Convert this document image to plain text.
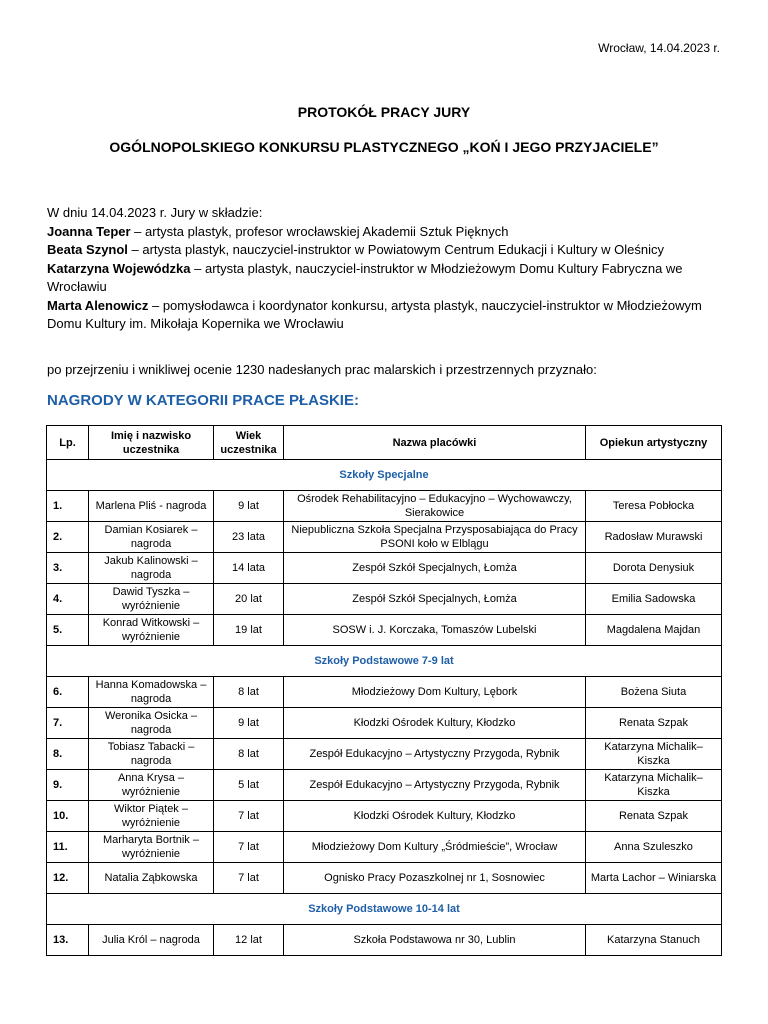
Wrocław, 14.04.2023 r.
PROTOKÓŁ PRACY JURY
OGÓLNOPOLSKIEGO KONKURSU PLASTYCZNEGO „KOŃ I JEGO PRZYJACIELE”
W dniu 14.04.2023 r. Jury w składzie:
Joanna Teper – artysta plastyk, profesor wrocławskiej Akademii Sztuk Pięknych
Beata Szynol – artysta plastyk, nauczyciel-instruktor w Powiatowym Centrum Edukacji i Kultury w Oleśnicy
Katarzyna Wojewódzka – artysta plastyk, nauczyciel-instruktor w Młodzieżowym Domu Kultury Fabryczna we Wrocławiu
Marta Alenowicz – pomysłodawca i koordynator konkursu, artysta plastyk, nauczyciel-instruktor w Młodzieżowym Domu Kultury im. Mikołaja Kopernika we Wrocławiu
po przejrzeniu i wnikliwej ocenie 1230 nadesłanych prac malarskich i przestrzennych przyznało:
NAGRODY W KATEGORII PRACE PŁASKIE:
Lp.	Imię i nazwisko uczestnika	Wiek uczestnika	Nazwa placówki	Opiekun artystyczny
Szkoły Specjalne				
1.	Marlena Pliś - nagroda	9 lat	Ośrodek Rehabilitacyjno – Edukacyjno – Wychowawczy, Sierakowice	Teresa Pobłocka
2.	Damian Kosiarek – nagroda	23 lata	Niepubliczna Szkoła Specjalna Przysposabiająca do Pracy PSONI koło w Elblągu	Radosław Murawski
3.	Jakub Kalinowski – nagroda	14 lata	Zespół Szkół Specjalnych, Łomża	Dorota Denysiuk
4.	Dawid Tyszka – wyróżnienie	20 lat	Zespół Szkół Specjalnych, Łomża	Emilia Sadowska
5.	Konrad Witkowski – wyróżnienie	19 lat	SOSW i. J. Korczaka, Tomaszów Lubelski	Magdalena Majdan
Szkoły Podstawowe 7-9 lat				
6.	Hanna Komadowska – nagroda	8 lat	Młodzieżowy Dom Kultury, Lębork	Bożena Siuta
7.	Weronika Osicka – nagroda	9 lat	Kłodzki Ośrodek Kultury, Kłodzko	Renata Szpak
8.	Tobiasz Tabacki – nagroda	8 lat	Zespół Edukacyjno – Artystyczny Przygoda, Rybnik	Katarzyna Michalik– Kiszka
9.	Anna Krysa – wyróżnienie	5 lat	Zespół Edukacyjno – Artystyczny Przygoda, Rybnik	Katarzyna Michalik– Kiszka
10.	Wiktor Piątek – wyróżnienie	7 lat	Kłodzki Ośrodek Kultury, Kłodzko	Renata Szpak
11.	Marharyta Bortnik – wyróżnienie	7 lat	Młodzieżowy Dom Kultury „Śródmieście”, Wrocław	Anna Szuleszko
12.	Natalia Ząbkowska	7 lat	Ognisko Pracy Pozaszkolnej nr 1, Sosnowiec	Marta Lachor – Winiarska
Szkoły Podstawowe 10-14 lat				
13.	Julia Król – nagroda	12 lat	Szkoła Podstawowa nr 30, Lublin	Katarzyna Stanuch
